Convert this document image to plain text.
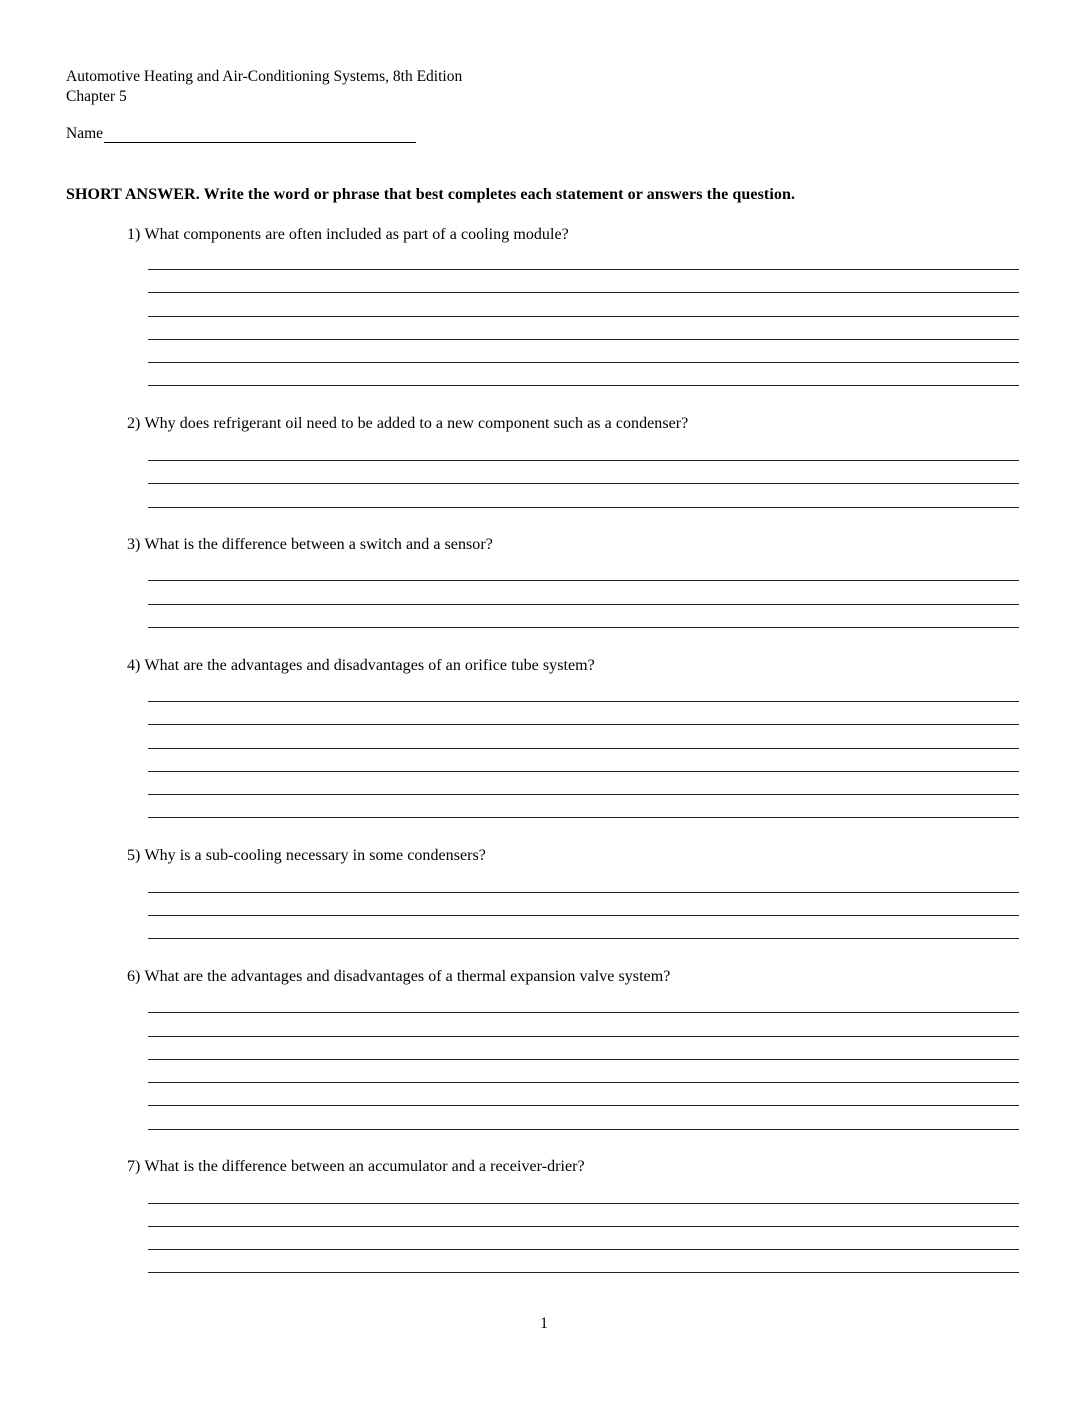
Automotive Heating and Air-Conditioning Systems, 8th Edition
Chapter 5
Name
SHORT ANSWER. Write the word or phrase that best completes each statement or answers the question.
1) What components are often included as part of a cooling module?
2) Why does refrigerant oil need to be added to a new component such as a condenser?
3) What is the difference between a switch and a sensor?
4) What are the advantages and disadvantages of an orifice tube system?
5) Why is a sub-cooling necessary in some condensers?
6) What are the advantages and disadvantages of a thermal expansion valve system?
7) What is the difference between an accumulator and a receiver-drier?
1
